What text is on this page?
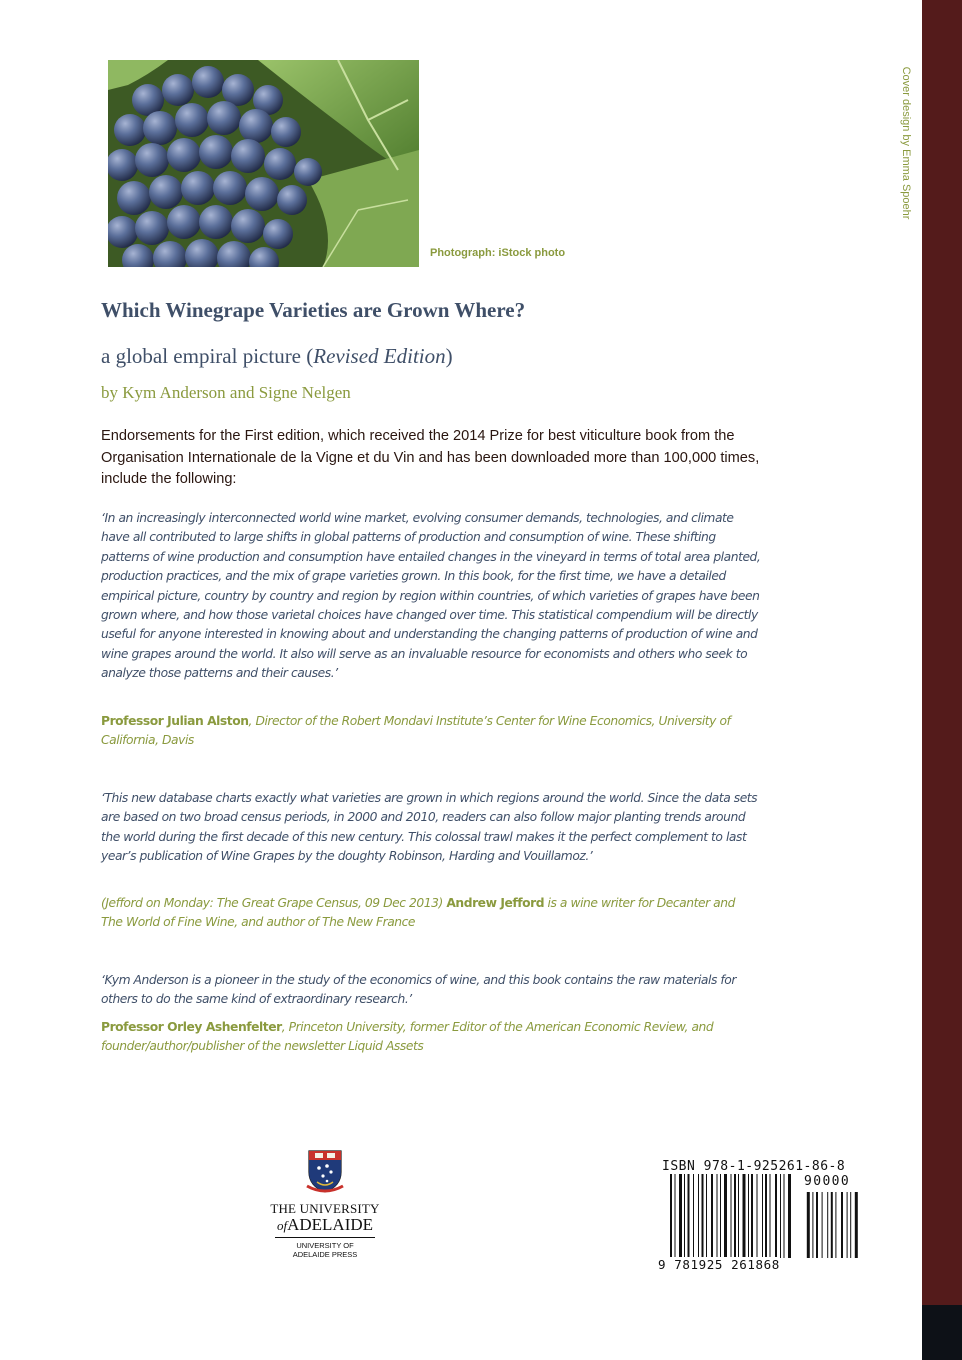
Cover design by Emma Spoehr
Photograph: iStock photo
Which Winegrape Varieties are Grown Where?
a global empiral picture (Revised Edition)
by Kym Anderson and Signe Nelgen
Endorsements for the First edition, which received the 2014 Prize for best viticulture book from the Organisation Internationale de la Vigne et du Vin and has been downloaded more than 100,000 times, include the following:
‘In an increasingly interconnected world wine market, evolving consumer demands, technologies, and climate have all contributed to large shifts in global patterns of production and consumption of wine. These shifting patterns of wine production and consumption have entailed changes in the vineyard in terms of total area planted, production practices, and the mix of grape varieties grown. In this book, for the first time, we have a detailed empirical picture, country by country and region by region within countries, of which varieties of grapes have been grown where, and how those varietal choices have changed over time. This statistical compendium will be directly useful for anyone interested in knowing about and understanding the changing patterns of production of wine and wine grapes around the world. It also will serve as an invaluable resource for economists and others who seek to analyze those patterns and their causes.’
Professor Julian Alston, Director of the Robert Mondavi Institute’s Center for Wine Economics, University of California, Davis
‘This new database charts exactly what varieties are grown in which regions around the world. Since the data sets are based on two broad census periods, in 2000 and 2010, readers can also follow major planting trends around the world during the first decade of this new century. This colossal trawl makes it the perfect complement to last year’s publication of Wine Grapes by the doughty Robinson, Harding and Vouillamoz.’
(Jefford on Monday: The Great Grape Census, 09 Dec 2013) Andrew Jefford is a wine writer for Decanter and The World of Fine Wine, and author of The New France
‘Kym Anderson is a pioneer in the study of the economics of wine, and this book contains the raw materials for others to do the same kind of extraordinary research.’
Professor Orley Ashenfelter, Princeton University, former Editor of the American Economic Review, and founder/author/publisher of the newsletter Liquid Assets
THE UNIVERSITY
ofADELAIDE
UNIVERSITY OF
ADELAIDE PRESS
ISBN 978-1-925261-86-8
90000
9 781925 261868
